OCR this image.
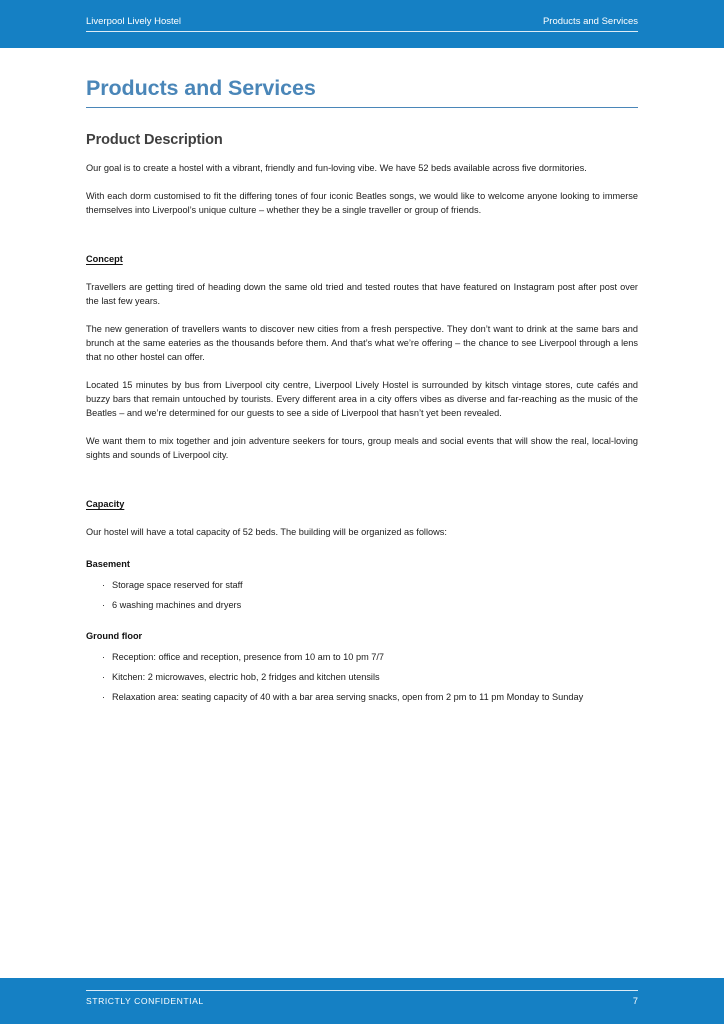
Liverpool Lively Hostel	Products and Services
Products and Services
Product Description

Our goal is to create a hostel with a vibrant, friendly and fun-loving vibe. We have 52 beds available across five dormitories.

With each dorm customised to fit the differing tones of four iconic Beatles songs, we would like to welcome anyone looking to immerse themselves into Liverpool’s unique culture – whether they be a single traveller or group of friends.

Concept

Travellers are getting tired of heading down the same old tried and tested routes that have featured on Instagram post after post over the last few years.

The new generation of travellers wants to discover new cities from a fresh perspective. They don’t want to drink at the same bars and brunch at the same eateries as the thousands before them. And that’s what we’re offering – the chance to see Liverpool through a lens that no other hostel can offer.

Located 15 minutes by bus from Liverpool city centre, Liverpool Lively Hostel is surrounded by kitsch vintage stores, cute cafés and buzzy bars that remain untouched by tourists. Every different area in a city offers vibes as diverse and far-reaching as the music of the Beatles – and we’re determined for our guests to see a side of Liverpool that hasn’t yet been revealed.

We want them to mix together and join adventure seekers for tours, group meals and social events that will show the real, local-loving sights and sounds of Liverpool city.

Capacity

Our hostel will have a total capacity of 52 beds. The building will be organized as follows:

Basement
· Storage space reserved for staff
· 6 washing machines and dryers
Ground floor
· Reception: office and reception, presence from 10 am to 10 pm 7/7
· Kitchen: 2 microwaves, electric hob, 2 fridges and kitchen utensils
· Relaxation area: seating capacity of 40 with a bar area serving snacks, open from 2 pm to 11 pm Monday to Sunday
STRICTLY CONFIDENTIAL	7
